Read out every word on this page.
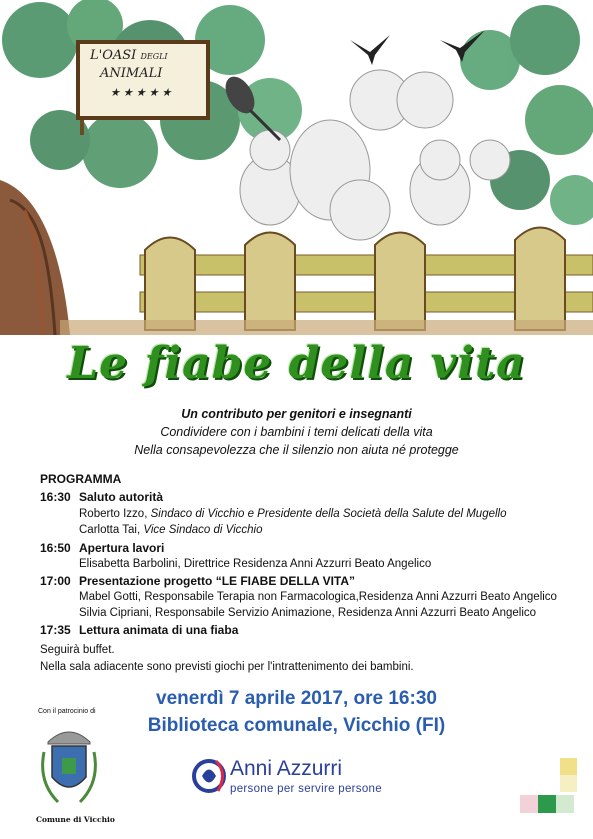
L'OASI DEGLI
ANIMALI
★★★★★
Le fiabe della vita
Un contributo per genitori e insegnanti
Condividere con i bambini i temi delicati della vita
Nella consapevolezza che il silenzio non aiuta né protegge
PROGRAMMA
16:30 Saluto autorità
Roberto Izzo, Sindaco di Vicchio e Presidente della Società della Salute del Mugello
Carlotta Tai, Vice Sindaco di Vicchio
16:50 Apertura lavori
Elisabetta Barbolini, Direttrice Residenza Anni Azzurri Beato Angelico
17:00 Presentazione progetto “LE FIABE DELLA VITA”
Mabel Gotti, Responsabile Terapia non Farmacologica,Residenza Anni Azzurri Beato Angelico
Silvia Cipriani, Responsabile Servizio Animazione, Residenza Anni Azzurri Beato Angelico
17:35 Lettura animata di una fiaba
Seguirà buffet.
Nella sala adiacente sono previsti giochi per l'intrattenimento dei bambini.
venerdì 7 aprile 2017, ore 16:30
Biblioteca comunale, Vicchio (FI)
Con il patrocinio di
Comune di Vicchio
Anni Azzurri
persone per servire persone
